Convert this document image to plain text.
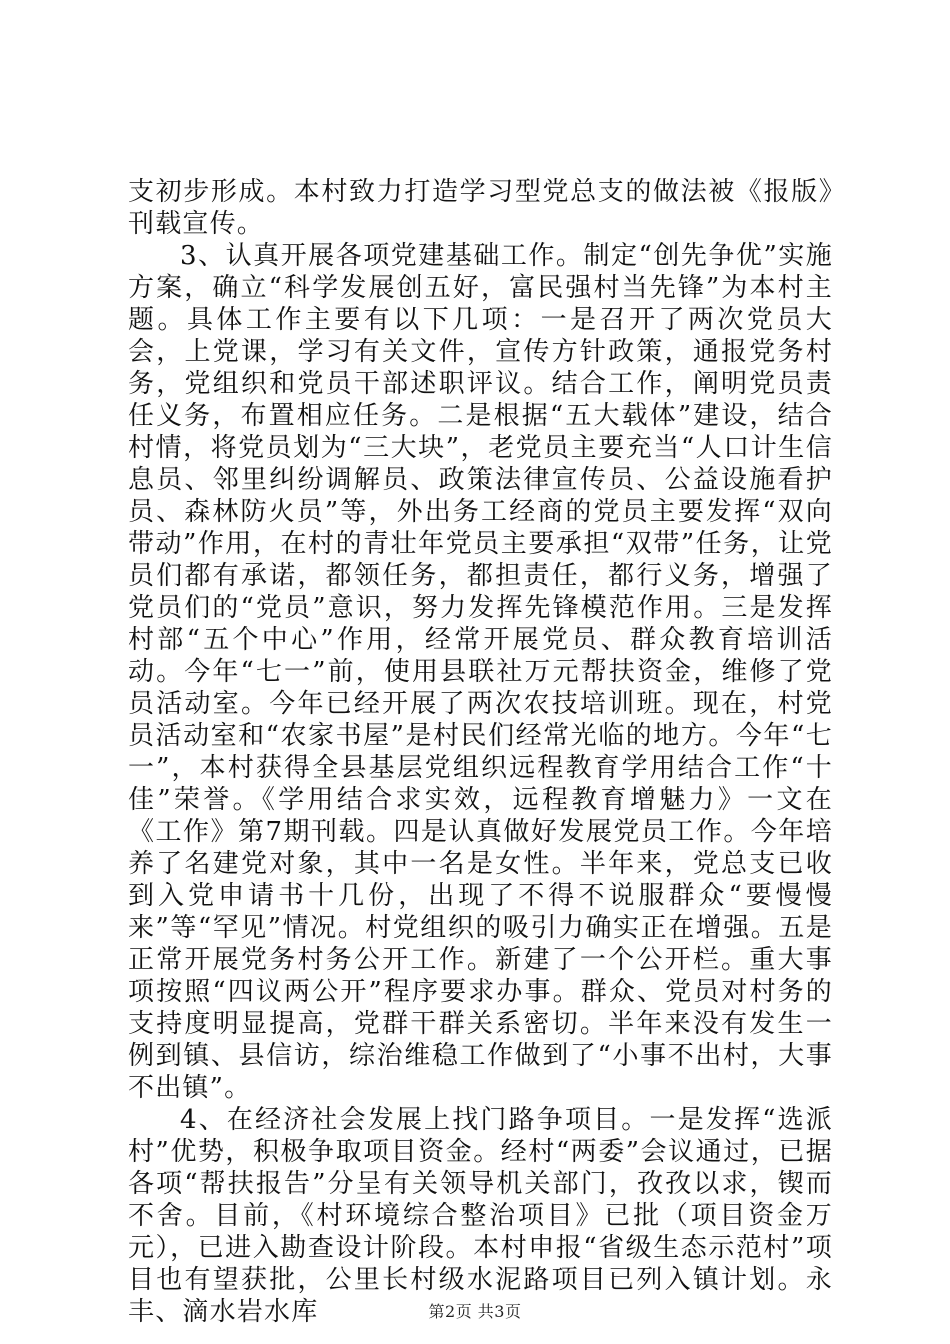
支初步形成。本村致力打造学习型党总支的做法被《报版》刊载宣传。

3、认真开展各项党建基础工作。制定“创先争优”实施方案，确立“科学发展创五好，富民强村当先锋”为本村主题。具体工作主要有以下几项：一是召开了两次党员大会，上党课，学习有关文件，宣传方针政策，通报党务村务，党组织和党员干部述职评议。结合工作，阐明党员责任义务，布置相应任务。二是根据“五大载体”建设，结合村情，将党员划为“三大块”，老党员主要充当“人口计生信息员、邻里纠纷调解员、政策法律宣传员、公益设施看护员、森林防火员”等，外出务工经商的党员主要发挥“双向带动”作用，在村的青壮年党员主要承担“双带”任务，让党员们都有承诺，都领任务，都担责任，都行义务，增强了党员们的“党员”意识，努力发挥先锋模范作用。三是发挥村部“五个中心”作用，经常开展党员、群众教育培训活动。今年“七一”前，使用县联社万元帮扶资金，维修了党员活动室。今年已经开展了两次农技培训班。现在，村党员活动室和“农家书屋”是村民们经常光临的地方。今年“七一”，本村获得全县基层党组织远程教育学用结合工作“十佳”荣誉。《学用结合求实效，远程教育增魅力》一文在《工作》第7期刊载。四是认真做好发展党员工作。今年培养了名建党对象，其中一名是女性。半年来，党总支已收到入党申请书十几份，出现了不得不说服群众“要慢慢来”等“罕见”情况。村党组织的吸引力确实正在增强。五是正常开展党务村务公开工作。新建了一个公开栏。重大事项按照“四议两公开”程序要求办事。群众、党员对村务的支持度明显提高，党群干群关系密切。半年来没有发生一例到镇、县信访，综治维稳工作做到了“小事不出村，大事不出镇”。

4、在经济社会发展上找门路争项目。一是发挥“选派村”优势，积极争取项目资金。经村“两委”会议通过，已据各项“帮扶报告”分呈有关领导机关部门，孜孜以求，锲而不舍。目前，《村环境综合整治项目》已批（项目资金万元），已进入勘查设计阶段。本村申报“省级生态示范村”项目也有望获批，公里长村级水泥路项目已列入镇计划。永丰、滴水岩水库	第2页 共3页
